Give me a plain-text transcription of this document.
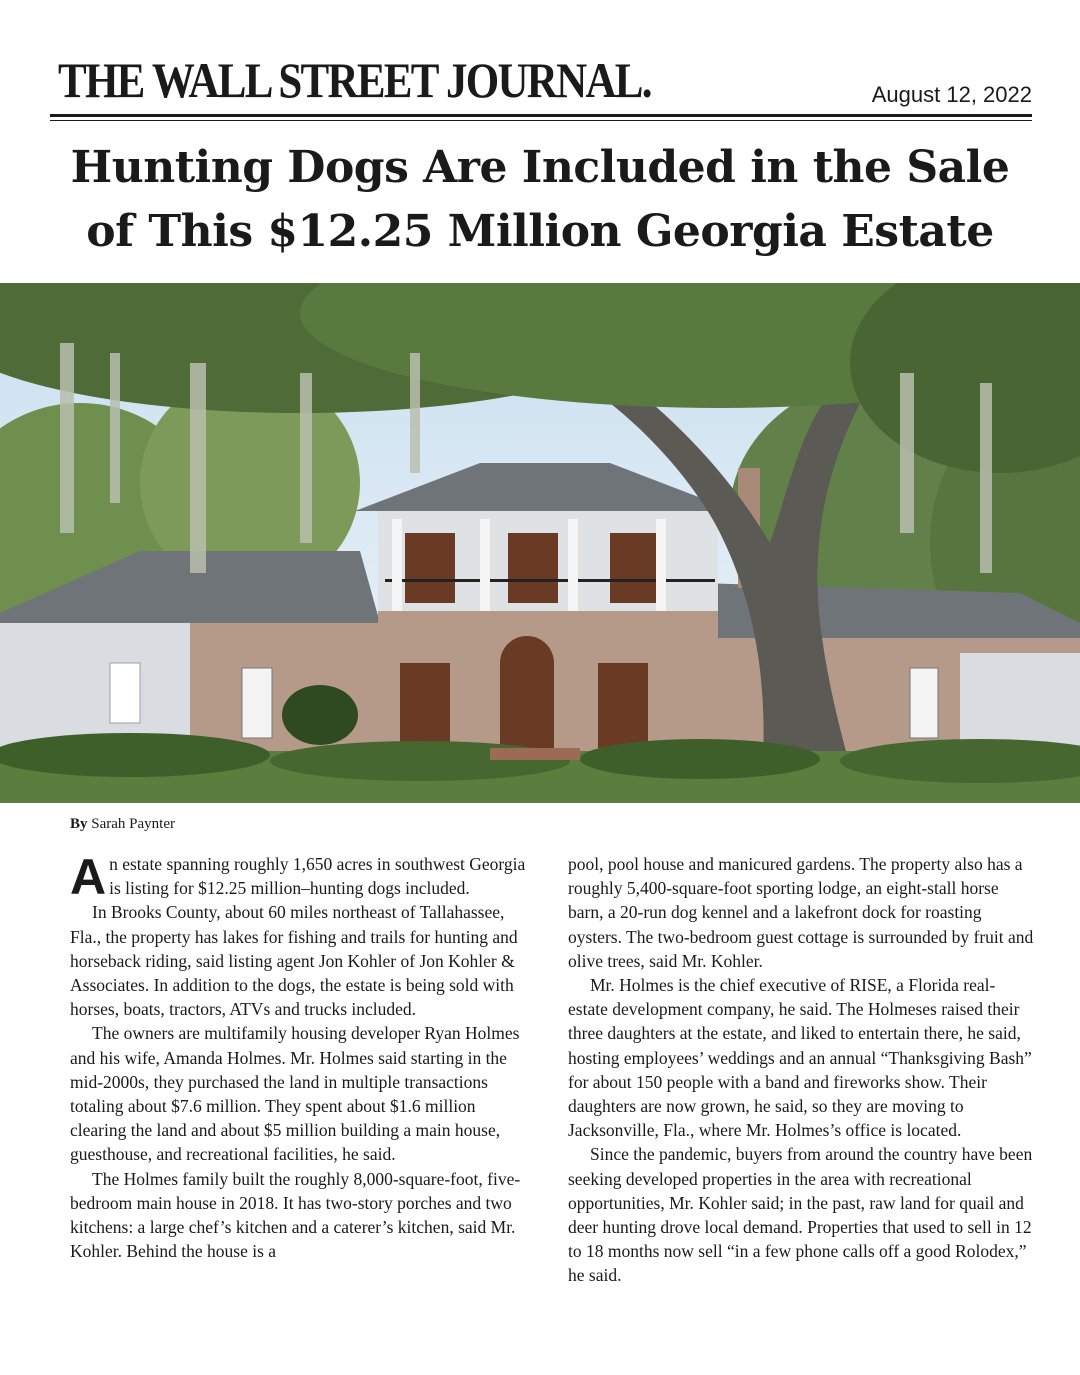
THE WALL STREET JOURNAL.	August 12, 2022
Hunting Dogs Are Included in the Sale
of This $12.25 Million Georgia Estate
By Sarah Paynter

An estate spanning roughly 1,650 acres in southwest Georgia is listing for $12.25 million–hunting dogs included.

In Brooks County, about 60 miles northeast of Tallahassee, Fla., the property has lakes for fishing and trails for hunting and horseback riding, said listing agent Jon Kohler of Jon Kohler & Associates. In addition to the dogs, the estate is being sold with horses, boats, tractors, ATVs and trucks included.

The owners are multifamily housing developer Ryan Holmes and his wife, Amanda Holmes. Mr. Holmes said starting in the mid-2000s, they purchased the land in multiple transactions totaling about $7.6 million. They spent about $1.6 million clearing the land and about $5 million building a main house, guesthouse, and recreational facilities, he said.

The Holmes family built the roughly 8,000-square-foot, five-bedroom main house in 2018. It has two-story porches and two kitchens: a large chef’s kitchen and a caterer’s kitchen, said Mr. Kohler. Behind the house is a

pool, pool house and manicured gardens. The property also has a roughly 5,400-square-foot sporting lodge, an eight-stall horse barn, a 20-run dog kennel and a lakefront dock for roasting oysters. The two-bedroom guest cottage is surrounded by fruit and olive trees, said Mr. Kohler.

Mr. Holmes is the chief executive of RISE, a Florida real-estate development company, he said. The Holmeses raised their three daughters at the estate, and liked to entertain there, he said, hosting employees’ weddings and an annual “Thanksgiving Bash” for about 150 people with a band and fireworks show. Their daughters are now grown, he said, so they are moving to Jacksonville, Fla., where Mr. Holmes’s office is located.

Since the pandemic, buyers from around the country have been seeking developed properties in the area with recreational opportunities, Mr. Kohler said; in the past, raw land for quail and deer hunting drove local demand. Properties that used to sell in 12 to 18 months now sell “in a few phone calls off a good Rolodex,” he said.
